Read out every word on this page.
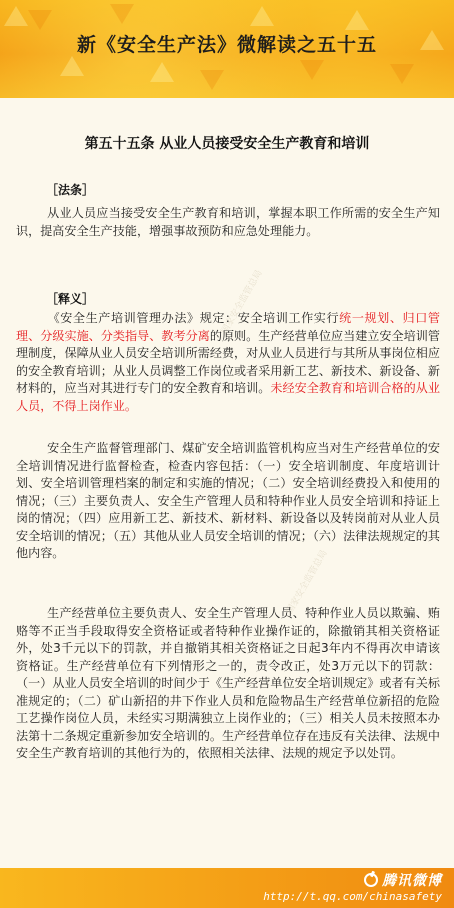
新《安全生产法》微解读之五十五
第五十五条 从业人员接受安全生产教育和培训
［法条］

从业人员应当接受安全生产教育和培训，掌握本职工作所需的安全生产知识，提高安全生产技能，增强事故预防和应急处理能力。

［释义］	国家安全监管总局
国家安全监管总局

《安全生产培训管理办法》规定：安全培训工作实行统一规划、归口管理、分级实施、分类指导、教考分离的原则。生产经营单位应当建立安全培训管理制度，保障从业人员安全培训所需经费，对从业人员进行与其所从事岗位相应的安全教育培训；从业人员调整工作岗位或者采用新工艺、新技术、新设备、新材料的，应当对其进行专门的安全教育和培训。未经安全教育和培训合格的从业人员，不得上岗作业。

安全生产监督管理部门、煤矿安全培训监管机构应当对生产经营单位的安全培训情况进行监督检查，检查内容包括：（一）安全培训制度、年度培训计划、安全培训管理档案的制定和实施的情况；（二）安全培训经费投入和使用的情况；（三）主要负责人、安全生产管理人员和特种作业人员安全培训和持证上岗的情况；（四）应用新工艺、新技术、新材料、新设备以及转岗前对从业人员安全培训的情况；（五）其他从业人员安全培训的情况；（六）法律法规规定的其他内容。

生产经营单位主要负责人、安全生产管理人员、特种作业人员以欺骗、贿赂等不正当手段取得安全资格证或者特种作业操作证的，除撤销其相关资格证外，处3千元以下的罚款，并自撤销其相关资格证之日起3年内不得再次申请该资格证。生产经营单位有下列情形之一的，责令改正，处3万元以下的罚款：（一）从业人员安全培训的时间少于《生产经营单位安全培训规定》或者有关标准规定的；（二）矿山新招的井下作业人员和危险物品生产经营单位新招的危险工艺操作岗位人员，未经实习期满独立上岗作业的；（三）相关人员未按照本办法第十二条规定重新参加安全培训的。生产经营单位存在违反有关法律、法规中安全生产教育培训的其他行为的，依照相关法律、法规的规定予以处罚。

腾讯微博
http://t.qq.com/chinasafety
